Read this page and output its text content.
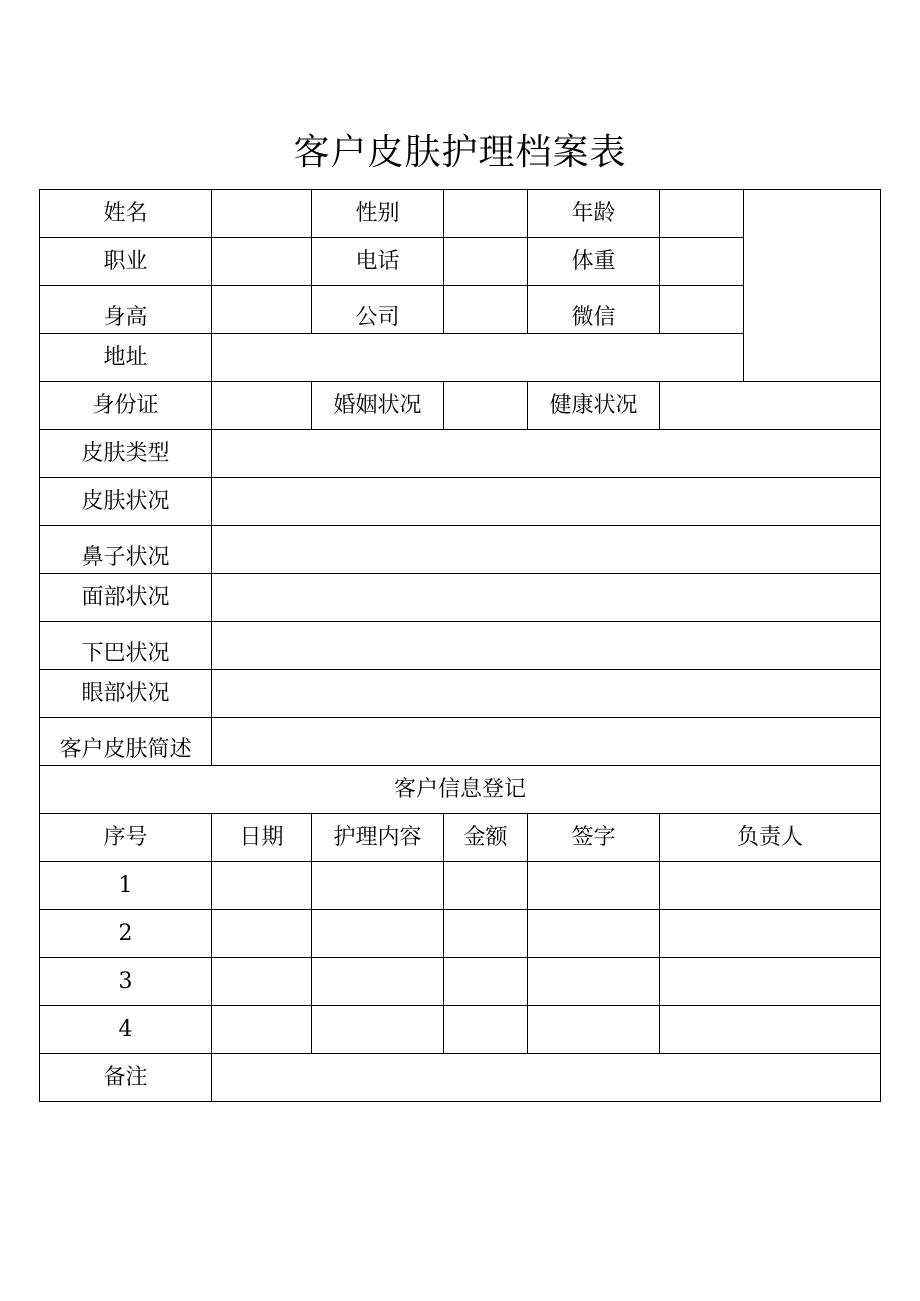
客户皮肤护理档案表
姓名		性别		年龄		
职业		电话		体重		
身高		公司		微信		
地址						
身份证		婚姻状况		健康状况		
皮肤类型						
皮肤状况						
鼻子状况						
面部状况						
下巴状况						
眼部状况						
客户皮肤简述						
客户信息登记						
序号	日期	护理内容	金额	签字	负责人	
1						
2						
3						
4						
备注						
